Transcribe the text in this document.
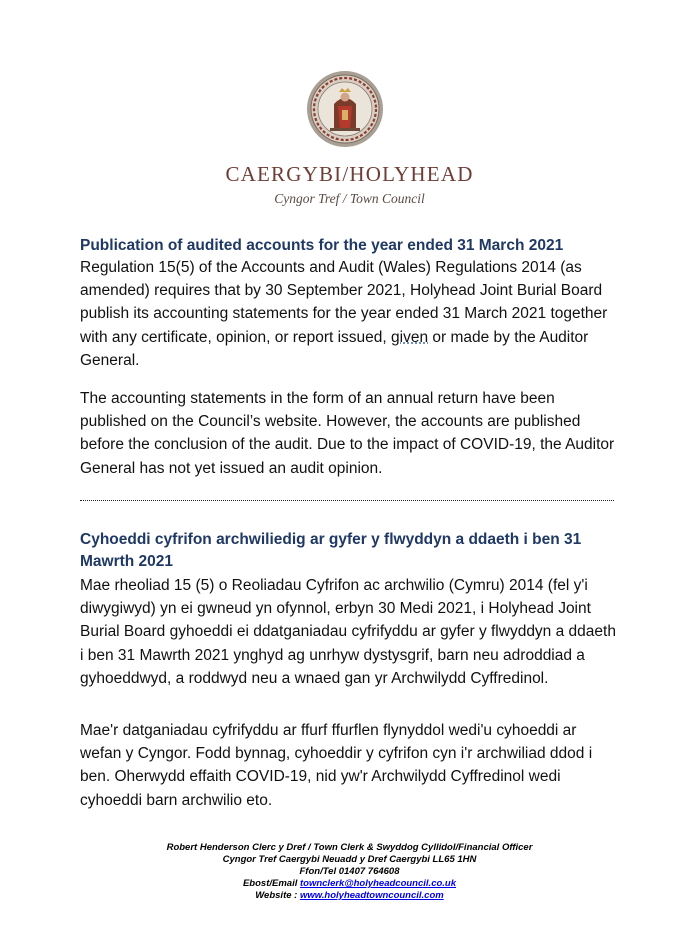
CAERGYBI/HOLYHEAD
Cyngor Tref / Town Council
Publication of audited accounts for the year ended 31 March 2021

Regulation 15(5) of the Accounts and Audit (Wales) Regulations 2014 (as amended) requires that by 30 September 2021, Holyhead Joint Burial Board publish its accounting statements for the year ended 31 March 2021 together with any certificate, opinion, or report issued, given or made by the Auditor General.

The accounting statements in the form of an annual return have been published on the Council’s website. However, the accounts are published before the conclusion of the audit. Due to the impact of COVID-19, the Auditor General has not yet issued an audit opinion.

Cyhoeddi cyfrifon archwiliedig ar gyfer y flwyddyn a ddaeth i ben 31 Mawrth 2021

Mae rheoliad 15 (5) o Reoliadau Cyfrifon ac archwilio (Cymru) 2014 (fel y'i diwygiwyd) yn ei gwneud yn ofynnol, erbyn 30 Medi 2021, i Holyhead Joint Burial Board gyhoeddi ei ddatganiadau cyfrifyddu ar gyfer y flwyddyn a ddaeth i ben 31 Mawrth 2021 ynghyd ag unrhyw dystysgrif, barn neu adroddiad a gyhoeddwyd, a roddwyd neu a wnaed gan yr Archwilydd Cyffredinol.

Mae'r datganiadau cyfrifyddu ar ffurf ffurflen flynyddol wedi'u cyhoeddi ar wefan y Cyngor. Fodd bynnag, cyhoeddir y cyfrifon cyn i'r archwiliad ddod i ben. Oherwydd effaith COVID-19, nid yw'r Archwilydd Cyffredinol wedi cyhoeddi barn archwilio eto.

Robert Henderson Clerc y Dref / Town Clerk & Swyddog Cyllidol/Financial Officer
Cyngor Tref Caergybi Neuadd y Dref Caergybi LL65 1HN
Ffon/Tel 01407 764608
Ebost/Email townclerk@holyheadcouncil.co.uk
Website : www.holyheadtowncouncil.com
